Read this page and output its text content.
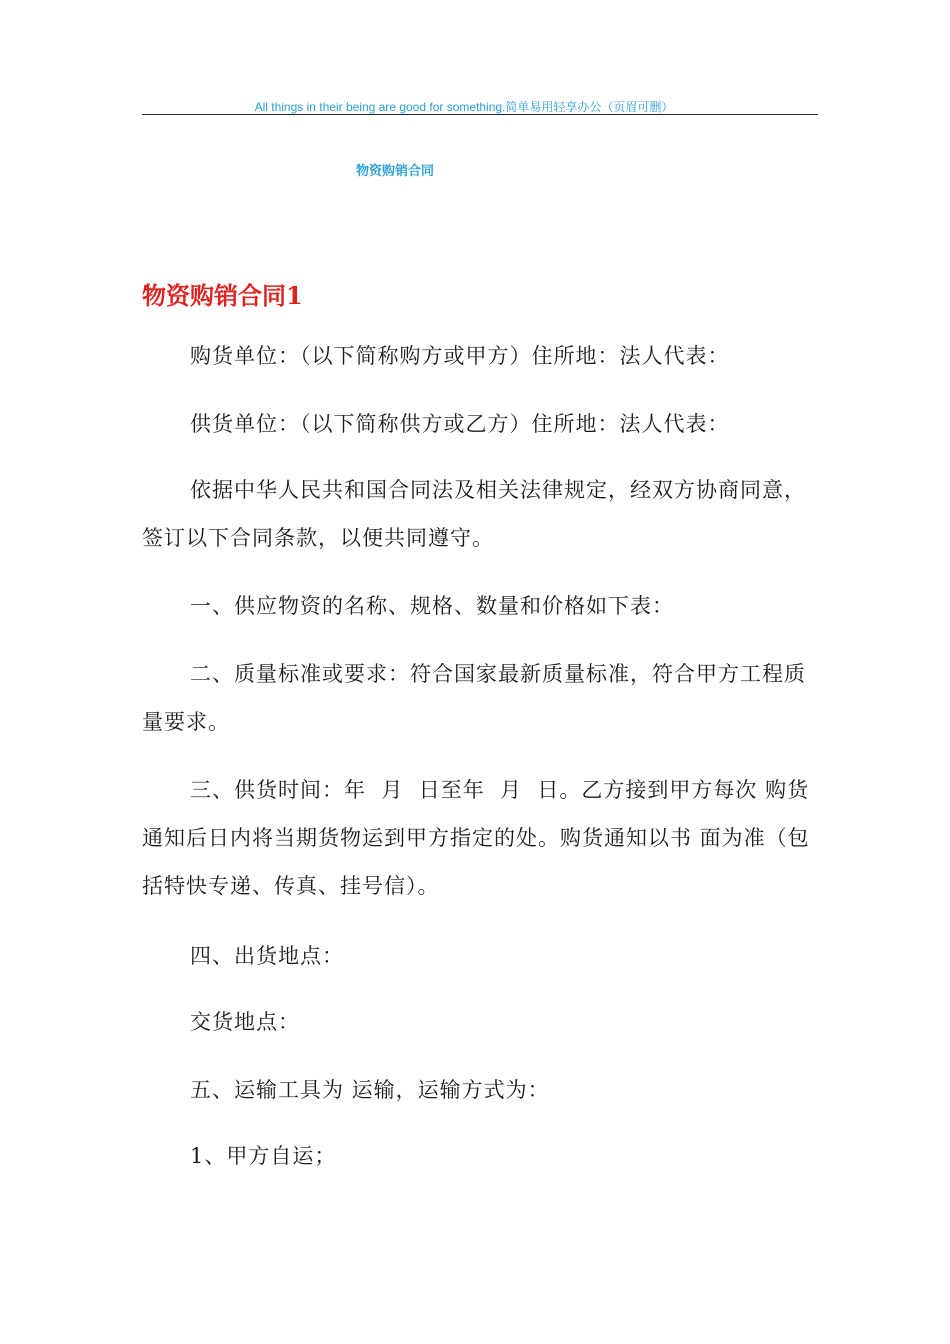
All things in their being are good for something.简单易用轻享办公（页眉可删）
物资购销合同
物资购销合同1
购货单位：（以下简称购方或甲方）住所地：法人代表：
供货单位：（以下简称供方或乙方）住所地：法人代表：
依据中华人民共和国合同法及相关法律规定，经双方协商同意，签订以下合同条款，以便共同遵守。
一、供应物资的名称、规格、数量和价格如下表：
二、质量标准或要求：符合国家最新质量标准，符合甲方工程质量要求。
三、供货时间：年  月  日至年  月  日。乙方接到甲方每次 购货通知后日内将当期货物运到甲方指定的处。购货通知以书 面为准（包括特快专递、传真、挂号信）。
四、出货地点：
交货地点：
五、运输工具为 运输，运输方式为：
1、甲方自运；
